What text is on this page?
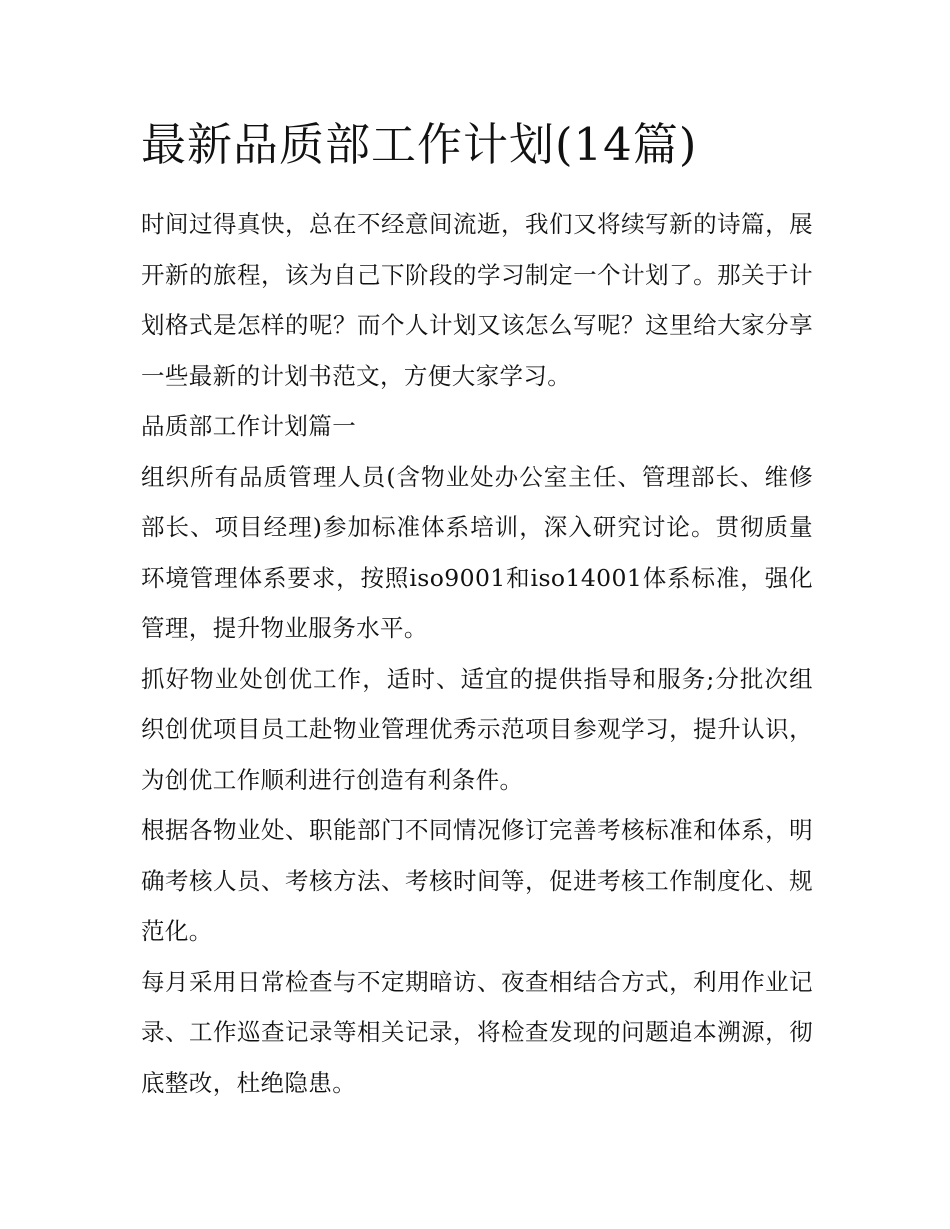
最新品质部工作计划(14篇)

时间过得真快，总在不经意间流逝，我们又将续写新的诗篇，展开新的旅程，该为自己下阶段的学习制定一个计划了。那关于计划格式是怎样的呢？而个人计划又该怎么写呢？这里给大家分享一些最新的计划书范文，方便大家学习。

品质部工作计划篇一

组织所有品质管理人员(含物业处办公室主任、管理部长、维修部长、项目经理)参加标准体系培训，深入研究讨论。贯彻质量环境管理体系要求，按照iso9001和iso14001体系标准，强化管理，提升物业服务水平。

抓好物业处创优工作，适时、适宜的提供指导和服务;分批次组织创优项目员工赴物业管理优秀示范项目参观学习，提升认识，为创优工作顺利进行创造有利条件。

根据各物业处、职能部门不同情况修订完善考核标准和体系，明确考核人员、考核方法、考核时间等，促进考核工作制度化、规范化。

每月采用日常检查与不定期暗访、夜查相结合方式，利用作业记录、工作巡查记录等相关记录，将检查发现的问题追本溯源，彻底整改，杜绝隐患。
